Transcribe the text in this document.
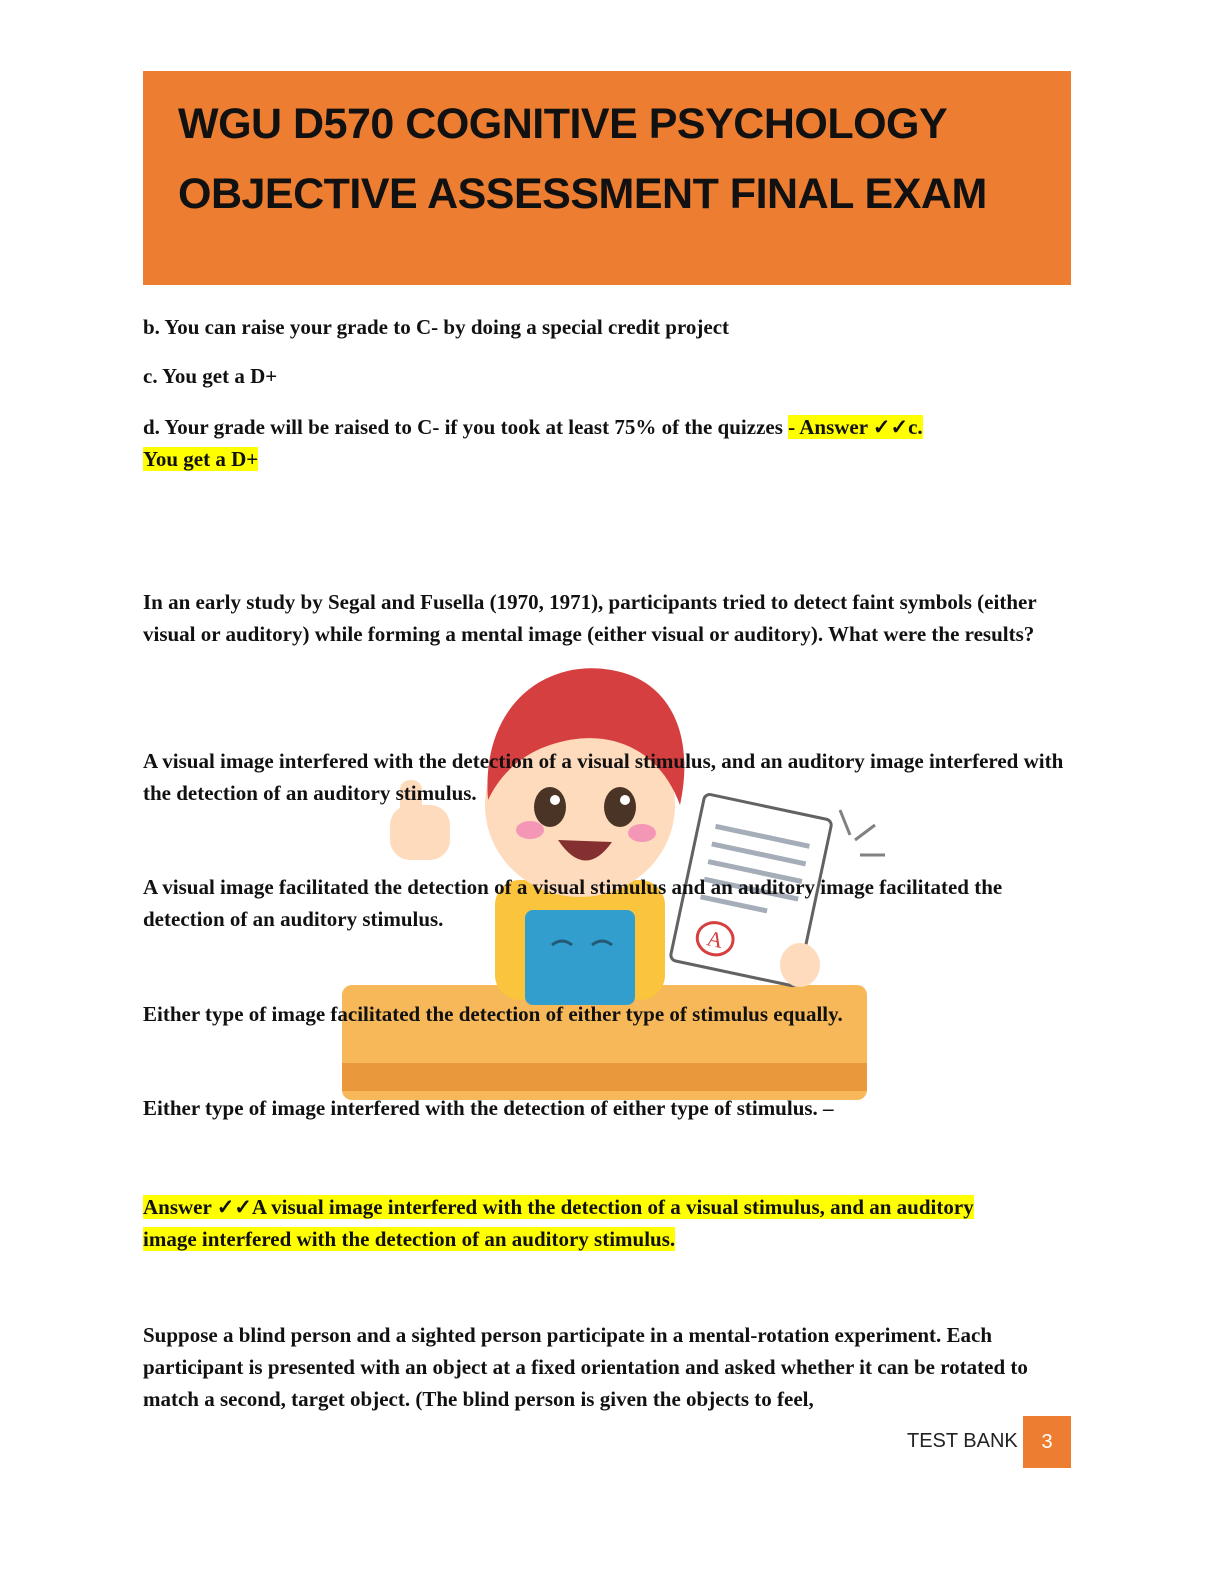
WGU D570 COGNITIVE PSYCHOLOGY
OBJECTIVE ASSESSMENT FINAL EXAM

b. You can raise your grade to C- by doing a special credit project

c. You get a D+

d. Your grade will be raised to C- if you took at least 75% of the quizzes - Answer ✓✓c.
You get a D+

In an early study by Segal and Fusella (1970, 1971), participants tried to detect faint symbols (either visual or auditory) while forming a mental image (either visual or auditory). What were the results?

A

A visual image interfered with the detection of a visual stimulus, and an auditory image interfered with the detection of an auditory stimulus.

A visual image facilitated the detection of a visual stimulus and an auditory image facilitated the detection of an auditory stimulus.

Either type of image facilitated the detection of either type of stimulus equally.

Either type of image interfered with the detection of either type of stimulus. –

Answer ✓✓A visual image interfered with the detection of a visual stimulus, and an auditory image interfered with the detection of an auditory stimulus.

Suppose a blind person and a sighted person participate in a mental-rotation experiment. Each participant is presented with an object at a fixed orientation and asked whether it can be rotated to match a second, target object. (The blind person is given the objects to feel,

TEST BANK	3
